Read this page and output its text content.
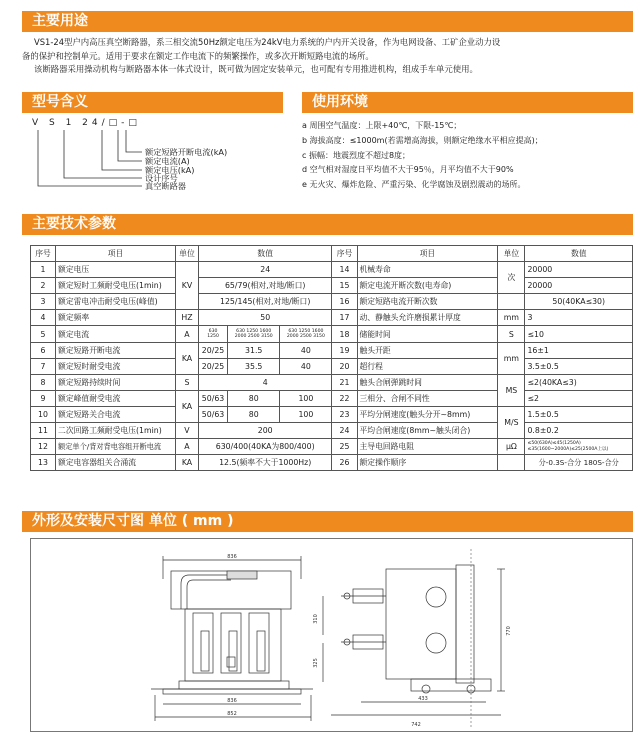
主要用途
VS1-24型户内高压真空断路器，系三相交流50Hz额定电压为24kV电力系统的户内开关设备，作为电网设备、工矿企业动力设
备的保护和控制单元。适用于要求在额定工作电流下的频繁操作，或多次开断短路电流的场所。
该断路器采用操动机构与断路器本体一体式设计，既可做为固定安装单元，也可配有专用推进机构，组成手车单元使用。
型号含义
V S 1 24/□-□
额定短路开断电流(kA)
额定电流(A)
额定电压(kA)
设计序号
真空断路器
使用环境
a 周围空气温度：上限+40℃，下限-15℃；
b 海拔高度：≤1000m(若需增高海拔，则额定绝缘水平相应提高)；
c 振幅：地震烈度不超过8度；
d 空气相对湿度日平均值不大于95％，月平均值不大于90%
e 无火灾、爆炸危险、严重污染、化学腐蚀及剧烈震动的场所。
主要技术参数
序号	项目	单位	数值			序号	项目	单位	数值
1	额定电压	KV	24			14	机械寿命	次	20000
2	额定短时工频耐受电压(1min)		65/79(相对,对地/断口)			15	额定电流开断次数(电寿命)		20000
3	额定雷电冲击耐受电压(峰值)		125/145(相对,对地/断口)			16	额定短路电流开断次数		50(40KA≤30)
4	额定频率	HZ	50			17	动、静触头允许磨损累计厚度	mm	3
5	额定电流	A	630
1250	630 1250 1600
2000 2500 3150	630 1250 1600
2000 2500 3150	18	储能时间	S	≤10
6	额定短路开断电流	KA	20/25	31.5	40	19	触头开距	mm	16±1
7	额定短时耐受电流		20/25	35.5	40	20	超行程		3.5±0.5
8	额定短路持续时间	S	4			21	触头合闸弹跳时间	MS	≤2(40KA≤3)
9	额定峰值耐受电流	KA	50/63	80	100	22	三相分、合闸不同性		≤2
10	额定短路关合电流		50/63	80	100	23	平均分闸速度(触头分开~8mm)	M/S	1.5±0.5
11	二次回路工频耐受电压(1min)	V	200			24	平均合闸速度(8mm~触头闭合)		0.8±0.2
12	额定单个/背对背电容组开断电流	A	630/400(40KA为800/400)			25	主导电回路电阻	μΩ	≤50(630A)≤45(1250A)
≤35(1600~2000A)≤25(2500A上以)
13	额定电容器组关合涌流	KA	12.5(频率不大于1000Hz)			26	额定操作顺序		分-0.3S-合分 180S-合分
外形及安装尺寸图 单位 ( mm )
836
836
852
310
325
770
433
742
